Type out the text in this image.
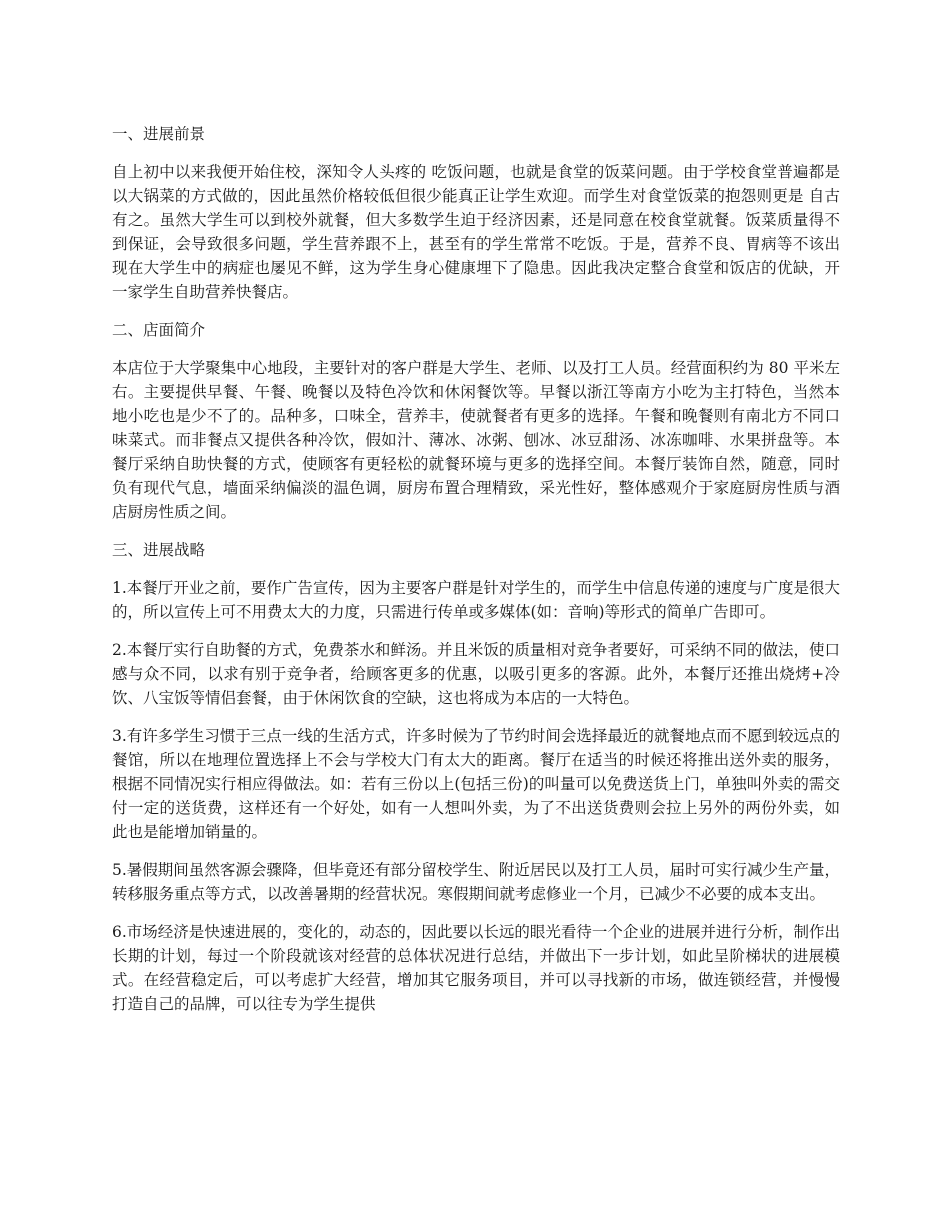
一、进展前景
自上初中以来我便开始住校，深知令人头疼的 吃饭问题，也就是食堂的饭菜问题。由于学校食堂普遍都是以大锅菜的方式做的，因此虽然价格较低但很少能真正让学生欢迎。而学生对食堂饭菜的抱怨则更是 自古有之。虽然大学生可以到校外就餐，但大多数学生迫于经济因素，还是同意在校食堂就餐。饭菜质量得不到保证，会导致很多问题，学生营养跟不上，甚至有的学生常常不吃饭。于是，营养不良、胃病等不该出现在大学生中的病症也屡见不鲜，这为学生身心健康埋下了隐患。因此我决定整合食堂和饭店的优缺，开一家学生自助营养快餐店。
二、店面简介
本店位于大学聚集中心地段，主要针对的客户群是大学生、老师、以及打工人员。经营面积约为 80 平米左右。主要提供早餐、午餐、晚餐以及特色冷饮和休闲餐饮等。早餐以浙江等南方小吃为主打特色，当然本地小吃也是少不了的。品种多，口味全，营养丰，使就餐者有更多的选择。午餐和晚餐则有南北方不同口味菜式。而非餐点又提供各种冷饮，假如汁、薄冰、冰粥、刨冰、冰豆甜汤、冰冻咖啡、水果拼盘等。本餐厅采纳自助快餐的方式，使顾客有更轻松的就餐环境与更多的选择空间。本餐厅装饰自然，随意，同时负有现代气息，墙面采纳偏淡的温色调，厨房布置合理精致，采光性好，整体感观介于家庭厨房性质与酒店厨房性质之间。
三、进展战略
1.本餐厅开业之前，要作广告宣传，因为主要客户群是针对学生的，而学生中信息传递的速度与广度是很大的，所以宣传上可不用费太大的力度，只需进行传单或多媒体(如：音响)等形式的简单广告即可。
2.本餐厅实行自助餐的方式，免费茶水和鲜汤。并且米饭的质量相对竞争者要好，可采纳不同的做法，使口感与众不同，以求有别于竞争者，给顾客更多的优惠，以吸引更多的客源。此外，本餐厅还推出烧烤+冷饮、八宝饭等情侣套餐，由于休闲饮食的空缺，这也将成为本店的一大特色。
3.有许多学生习惯于三点一线的生活方式，许多时候为了节约时间会选择最近的就餐地点而不愿到较远点的餐馆，所以在地理位置选择上不会与学校大门有太大的距离。餐厅在适当的时候还将推出送外卖的服务，根据不同情况实行相应得做法。如：若有三份以上(包括三份)的叫量可以免费送货上门，单独叫外卖的需交付一定的送货费，这样还有一个好处，如有一人想叫外卖，为了不出送货费则会拉上另外的两份外卖，如此也是能增加销量的。
5.暑假期间虽然客源会骤降，但毕竟还有部分留校学生、附近居民以及打工人员，届时可实行减少生产量，转移服务重点等方式，以改善暑期的经营状况。寒假期间就考虑修业一个月，已减少不必要的成本支出。
6.市场经济是快速进展的，变化的，动态的，因此要以长远的眼光看待一个企业的进展并进行分析，制作出长期的计划，每过一个阶段就该对经营的总体状况进行总结，并做出下一步计划，如此呈阶梯状的进展模式。在经营稳定后，可以考虑扩大经营，增加其它服务项目，并可以寻找新的市场，做连锁经营，并慢慢打造自己的品牌，可以往专为学生提供
